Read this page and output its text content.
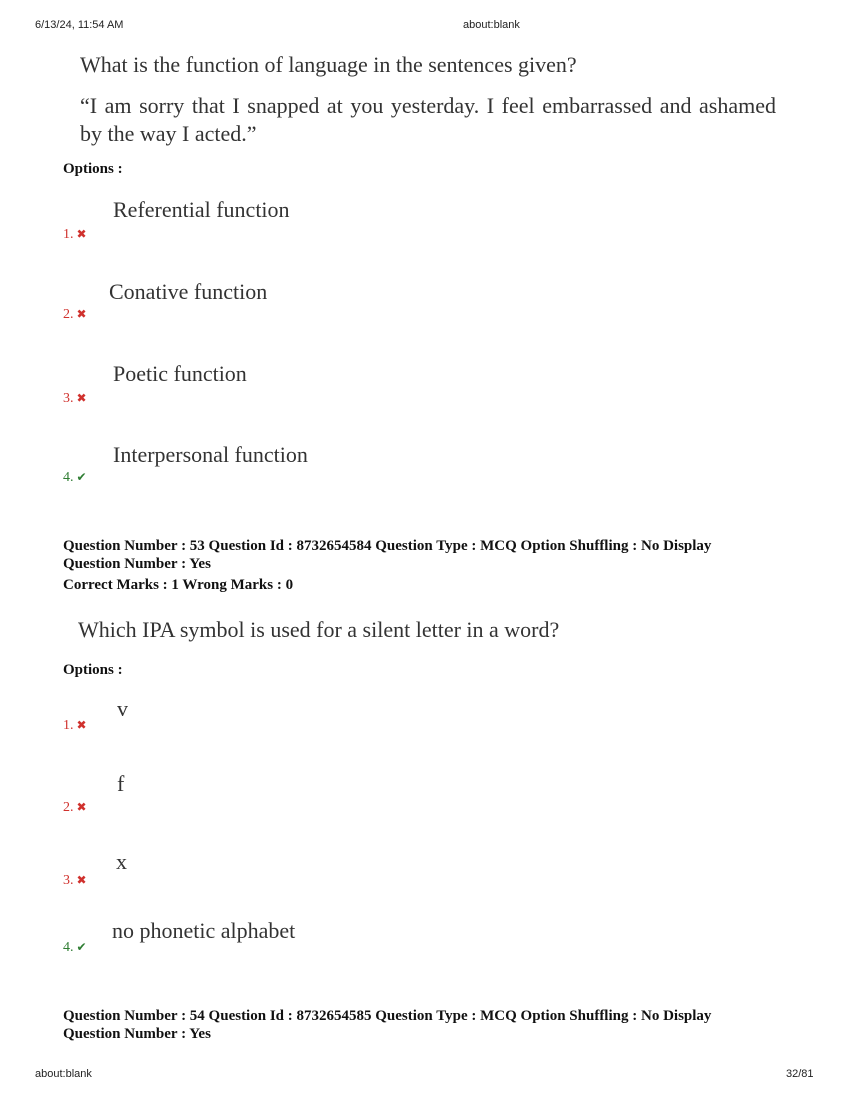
6/13/24, 11:54 AM	about:blank
What is the function of language in the sentences given?
“I am sorry that I snapped at you yesterday. I feel embarrassed and ashamed by the way I acted.”
Options :
1. ✖
Referential function
2. ✖
Conative function
3. ✖
Poetic function
4. ✔
Interpersonal function
Question Number : 53 Question Id : 8732654584 Question Type : MCQ Option Shuffling : No Display
Question Number : Yes
Correct Marks : 1 Wrong Marks : 0
Which IPA symbol is used for a silent letter in a word?
Options :
1. ✖
v
2. ✖
f
3. ✖
x
4. ✔
no phonetic alphabet
Question Number : 54 Question Id : 8732654585 Question Type : MCQ Option Shuffling : No Display
Question Number : Yes
about:blank	32/81
